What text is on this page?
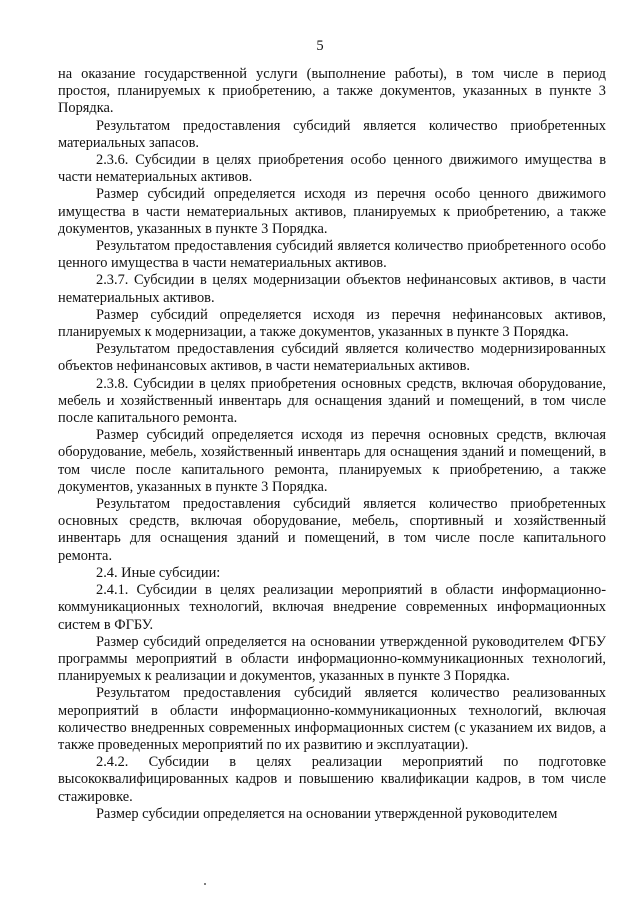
5

на оказание государственной услуги (выполнение работы), в том числе в период простоя, планируемых к приобретению, а также документов, указанных в пункте 3 Порядка.

Результатом предоставления субсидий является количество приобретенных материальных запасов.

2.3.6. Субсидии в целях приобретения особо ценного движимого имущества в части нематериальных активов.

Размер субсидий определяется исходя из перечня особо ценного движимого имущества в части нематериальных активов, планируемых к приобретению, а также документов, указанных в пункте 3 Порядка.

Результатом предоставления субсидий является количество приобретенного особо ценного имущества в части нематериальных активов.

2.3.7. Субсидии в целях модернизации объектов нефинансовых активов, в части нематериальных активов.

Размер субсидий определяется исходя из перечня нефинансовых активов, планируемых к модернизации, а также документов, указанных в пункте 3 Порядка.

Результатом предоставления субсидий является количество модернизированных объектов нефинансовых активов, в части нематериальных активов.

2.3.8. Субсидии в целях приобретения основных средств, включая оборудование, мебель и хозяйственный инвентарь для оснащения зданий и помещений, в том числе после капитального ремонта.

Размер субсидий определяется исходя из перечня основных средств, включая оборудование, мебель, хозяйственный инвентарь для оснащения зданий и помещений, в том числе после капитального ремонта, планируемых к приобретению, а также документов, указанных в пункте 3 Порядка.

Результатом предоставления субсидий является количество приобретенных основных средств, включая оборудование, мебель, спортивный и хозяйственный инвентарь для оснащения зданий и помещений, в том числе после капитального ремонта.

2.4. Иные субсидии:

2.4.1. Субсидии в целях реализации мероприятий в области информационно-коммуникационных технологий, включая внедрение современных информационных систем в ФГБУ.

Размер субсидий определяется на основании утвержденной руководителем ФГБУ программы мероприятий в области информационно-коммуникационных технологий, планируемых к реализации и документов, указанных в пункте 3 Порядка.

Результатом предоставления субсидий является количество реализованных мероприятий в области информационно-коммуникационных технологий, включая количество внедренных современных информационных систем (с указанием их видов, а также проведенных мероприятий по их развитию и эксплуатации).

2.4.2. Субсидии в целях реализации мероприятий по подготовке высококвалифицированных кадров и повышению квалификации кадров, в том числе стажировке.

Размер субсидии определяется на основании утвержденной руководителем
